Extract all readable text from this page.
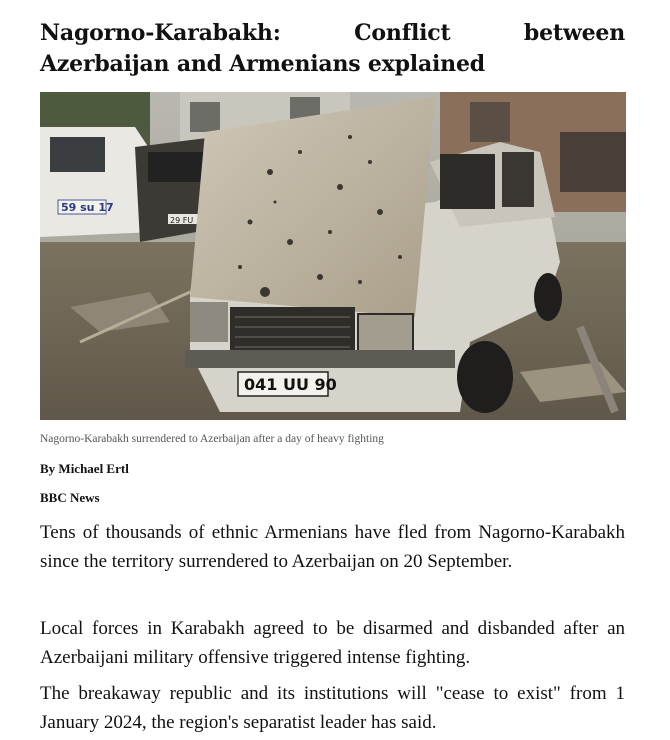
Nagorno-Karabakh: Conflict between Azerbaijan and Armenians explained
59 su 17
29 FU
041 UU 90
Nagorno-Karabakh surrendered to Azerbaijan after a day of heavy fighting
By Michael Ertl
BBC News

Tens of thousands of ethnic Armenians have fled from Nagorno-Karabakh since the territory surrendered to Azerbaijan on 20 September.

Local forces in Karabakh agreed to be disarmed and disbanded after an Azerbaijani military offensive triggered intense fighting.

The breakaway republic and its institutions will "cease to exist" from 1 January 2024, the region's separatist leader has said.
